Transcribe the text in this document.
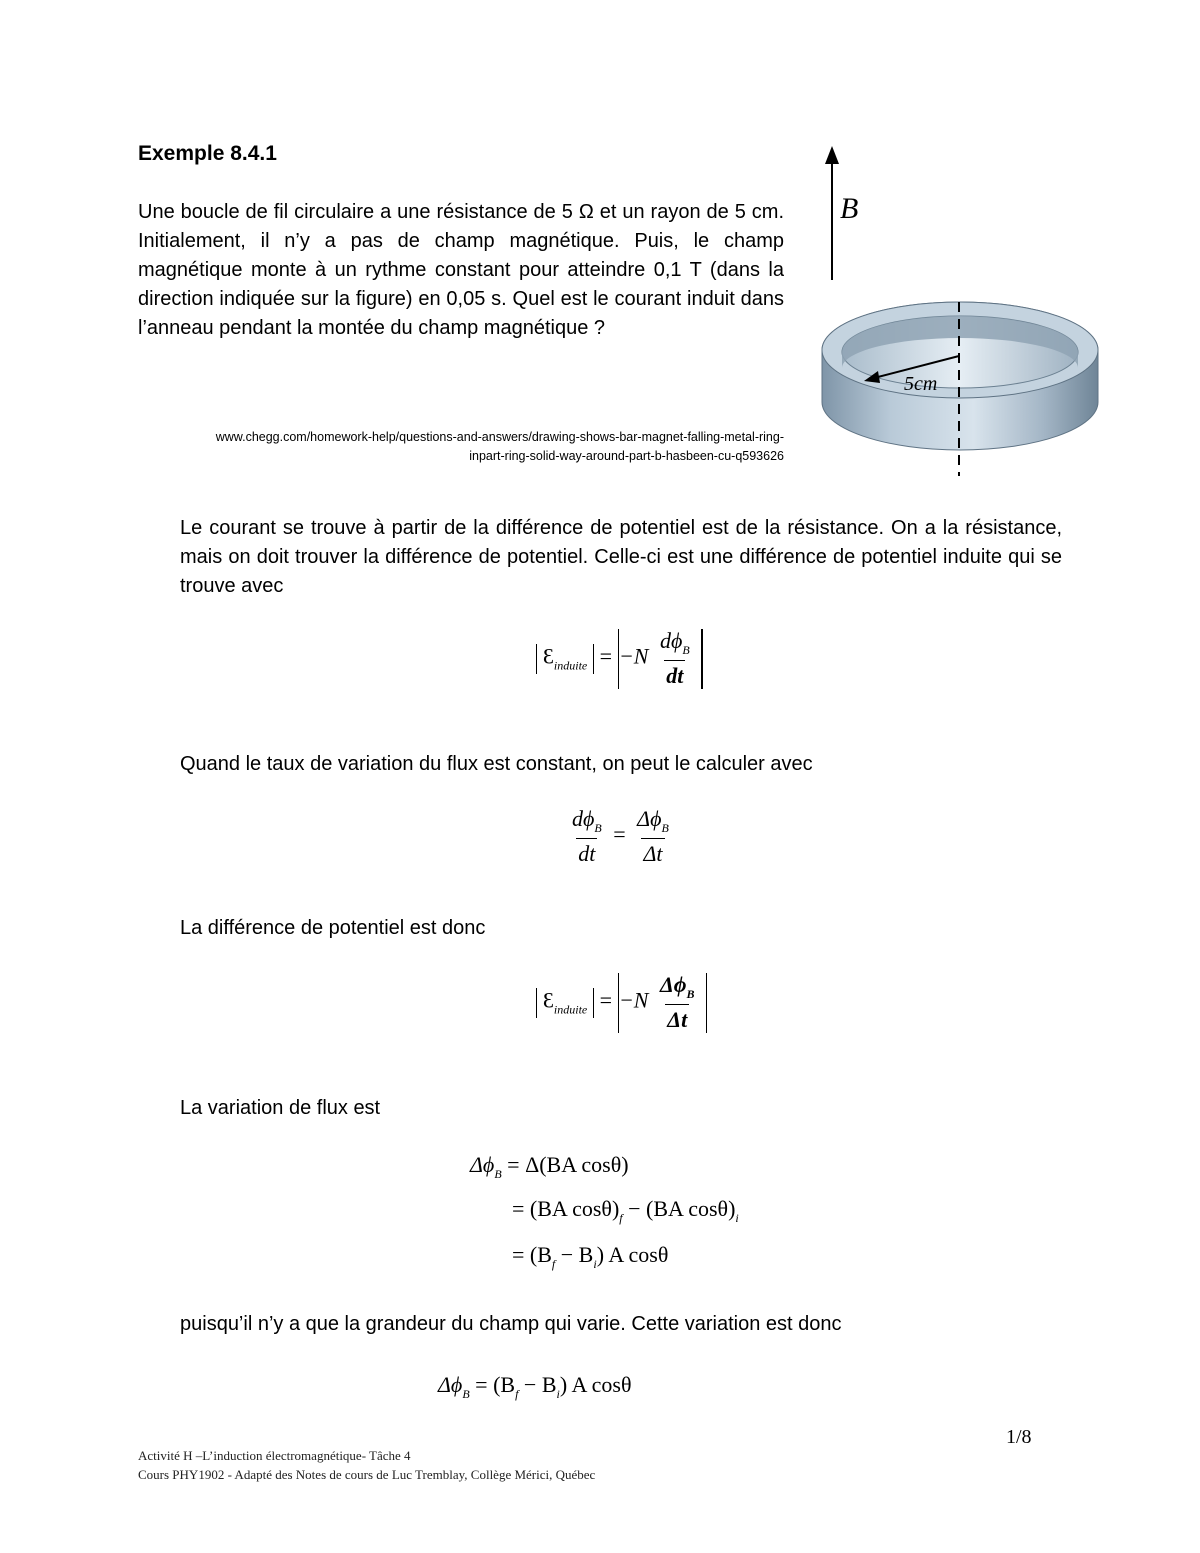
Exemple 8.4.1
Une boucle de fil circulaire a une résistance de 5 Ω et un rayon de 5 cm. Initialement, il n’y a pas de champ magnétique. Puis, le champ magnétique monte à un rythme constant pour atteindre 0,1 T (dans la direction indiquée sur la figure) en 0,05 s. Quel est le courant induit dans l’anneau pendant la montée du champ magnétique ?
www.chegg.com/homework-help/questions-and-answers/drawing-shows-bar-magnet-falling-metal-ring-inpart-ring-solid-way-around-part-b-hasbeen-cu-q593626
B
5cm
Le courant se trouve à partir de la différence de potentiel est de la résistance. On a la résistance, mais on doit trouver la différence de potentiel. Celle-ci est une différence de potentiel induite qui se trouve avec
$Ɛ_{induite} = -N \frac{d\phi_B}{dt}$

Quand le taux de variation du flux est constant, on peut le calculer avec
$\frac{d\phi_B}{dt} = \frac{\Delta\phi_B}{\Delta t}$
La différence de potentiel est donc
$Ɛ_{induite} = -N \frac{\Delta\phi_B}{\Delta t}$

La variation de flux est
$\Delta\phi_B = \Delta(BA$ cosθ)
= (BA $\cos\theta)_f - (BA$ $\cos\theta)_i$
= $(B_f - B_i)$ A cosθ
puisqu’il n’y a que la grandeur du champ qui varie. Cette variation est donc
$\Delta\phi_B = (B_f - B_i)$ A cosθ
1/8
Activité H –L’induction électromagnétique- Tâche 4
Cours PHY1902 - Adapté des Notes de cours de Luc Tremblay, Collège Mérici, Québec
